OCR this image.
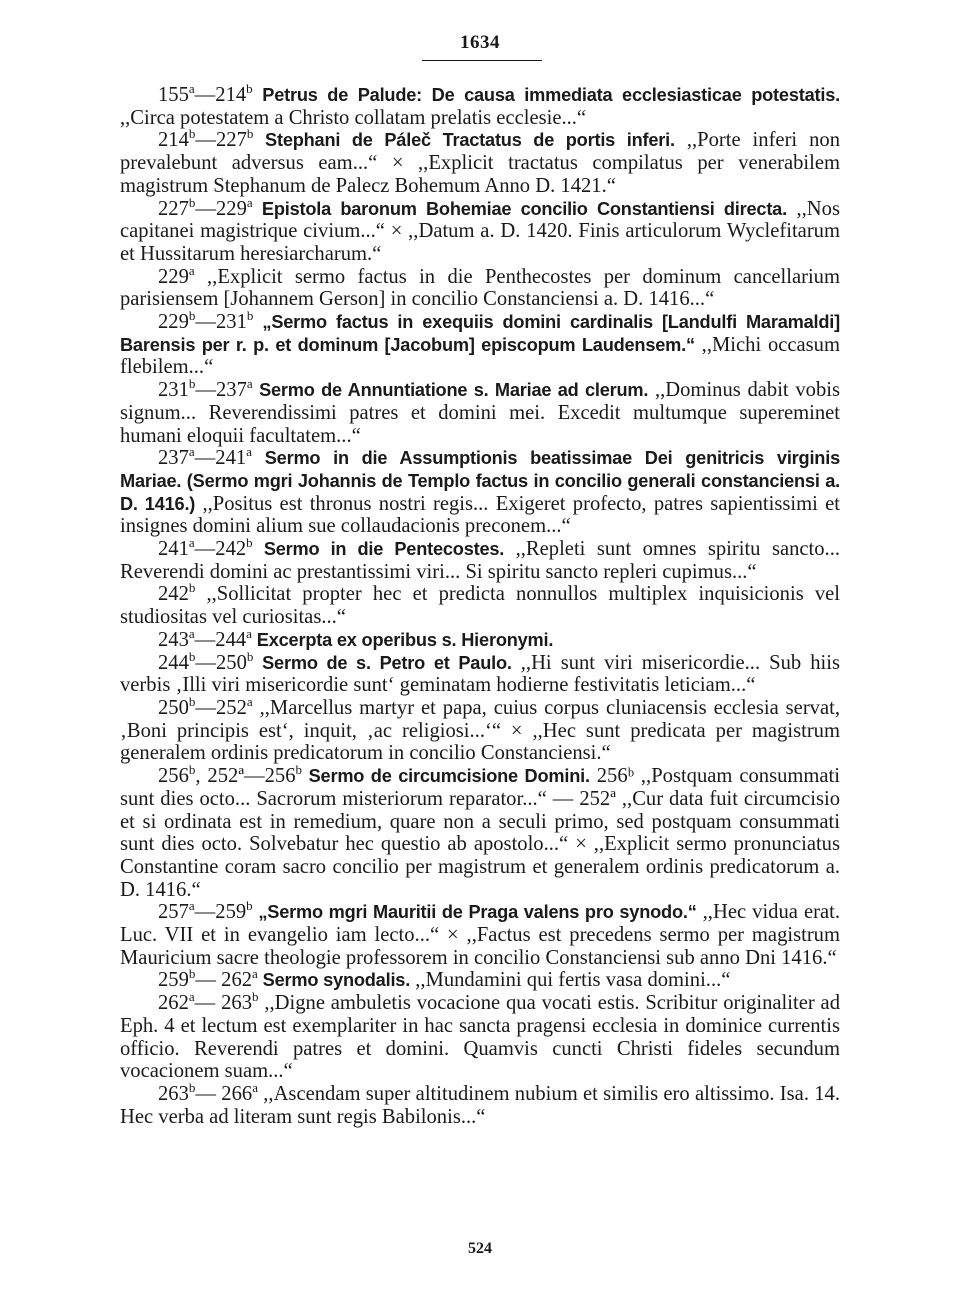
1634

155$^a$—214$^b$ Petrus de Palude: De causa immediata ecclesiasticae potestatis. ,,Circa potestatem a Christo collatam prelatis ecclesie...“

214$^b$—227$^b$ Stephani de Páleč Tractatus de portis inferi. ,,Porte inferi non prevalebunt adversus eam...“ × ,,Explicit tractatus compilatus per venerabilem magistrum Stephanum de Palecz Bohemum Anno D. 1421.“

227$^b$—229$^a$ Epistola baronum Bohemiae concilio Constantiensi directa. ,,Nos capitanei magistrique civium...“ × ,,Datum a. D. 1420. Finis articulorum Wyclefitarum et Hussitarum heresiarcharum.“

229$^a$ ,,Explicit sermo factus in die Penthecostes per dominum cancellarium parisiensem [Johannem Gerson] in concilio Constanciensi a. D. 1416...“

229$^b$—231$^b$ „Sermo factus in exequiis domini cardinalis [Landulfi Maramaldi] Barensis per r. p. et dominum [Jacobum] episcopum Laudensem.“ ,,Michi occasum flebilem...“

231$^b$—237$^a$ Sermo de Annuntiatione s. Mariae ad clerum. ,,Dominus dabit vobis signum... Reverendissimi patres et domini mei. Excedit multumque supereminet humani eloquii facultatem...“

237$^a$—241$^a$ Sermo in die Assumptionis beatissimae Dei genitricis virginis Mariae. (Sermo mgri Johannis de Templo factus in concilio generali constanciensi a. D. 1416.) ,,Positus est thronus nostri regis... Exigeret profecto, patres sapientissimi et insignes domini alium sue collaudacionis preconem...“

241$^a$—242$^b$ Sermo in die Pentecostes. ,,Repleti sunt omnes spiritu sancto... Reverendi domini ac prestantissimi viri... Si spiritu sancto repleri cupimus...“

242$^b$ ,,Sollicitat propter hec et predicta nonnullos multiplex inquisicionis vel studiositas vel curiositas...“

243$^a$—244$^a$ Excerpta ex operibus s. Hieronymi.

244$^b$—250$^b$ Sermo de s. Petro et Paulo. ,,Hi sunt viri misericordie... Sub hiis verbis ‚Illi viri misericordie sunt‘ geminatam hodierne festivitatis leticiam...“

250$^b$—252$^a$ ,,Marcellus martyr et papa, cuius corpus cluniacensis ecclesia servat, ‚Boni principis est‘, inquit, ‚ac religiosi...‘“ × ,,Hec sunt predicata per magistrum generalem ordinis predicatorum in concilio Constanciensi.“

256$^b$, 252ª—256$^b$ Sermo de circumcisione Domini. 256ᵇ ,,Postquam consummati sunt dies octo... Sacrorum misteriorum reparator...“ — 252ª ,,Cur data fuit circumcisio et si ordinata est in remedium, quare non a seculi primo, sed postquam consummati sunt dies octo. Solvebatur hec questio ab apostolo...“ × ,,Explicit sermo pronunciatus Constantine coram sacro concilio per magistrum et generalem ordinis predicatorum a. D. 1416.“

257$^a$—259$^b$ „Sermo mgri Mauritii de Praga valens pro synodo.“ ,,Hec vidua erat. Luc. VII et in evangelio iam lecto...“ × ,,Factus est precedens sermo per magistrum Mauricium sacre theologie professorem in concilio Constanciensi sub anno Dni 1416.“

259$^b$— 262$^a$ Sermo synodalis. ,,Mundamini qui fertis vasa domini...“

262$^a$— 263$^b$ ,,Digne ambuletis vocacione qua vocati estis. Scribitur originaliter ad Eph. 4 et lectum est exemplariter in hac sancta pragensi ecclesia in dominice currentis officio. Reverendi patres et domini. Quamvis cuncti Christi fideles secundum vocacionem suam...“

263$^b$— 266$^a$ ,,Ascendam super altitudinem nubium et similis ero altissimo. Isa. 14. Hec verba ad literam sunt regis Babilonis...“

524
